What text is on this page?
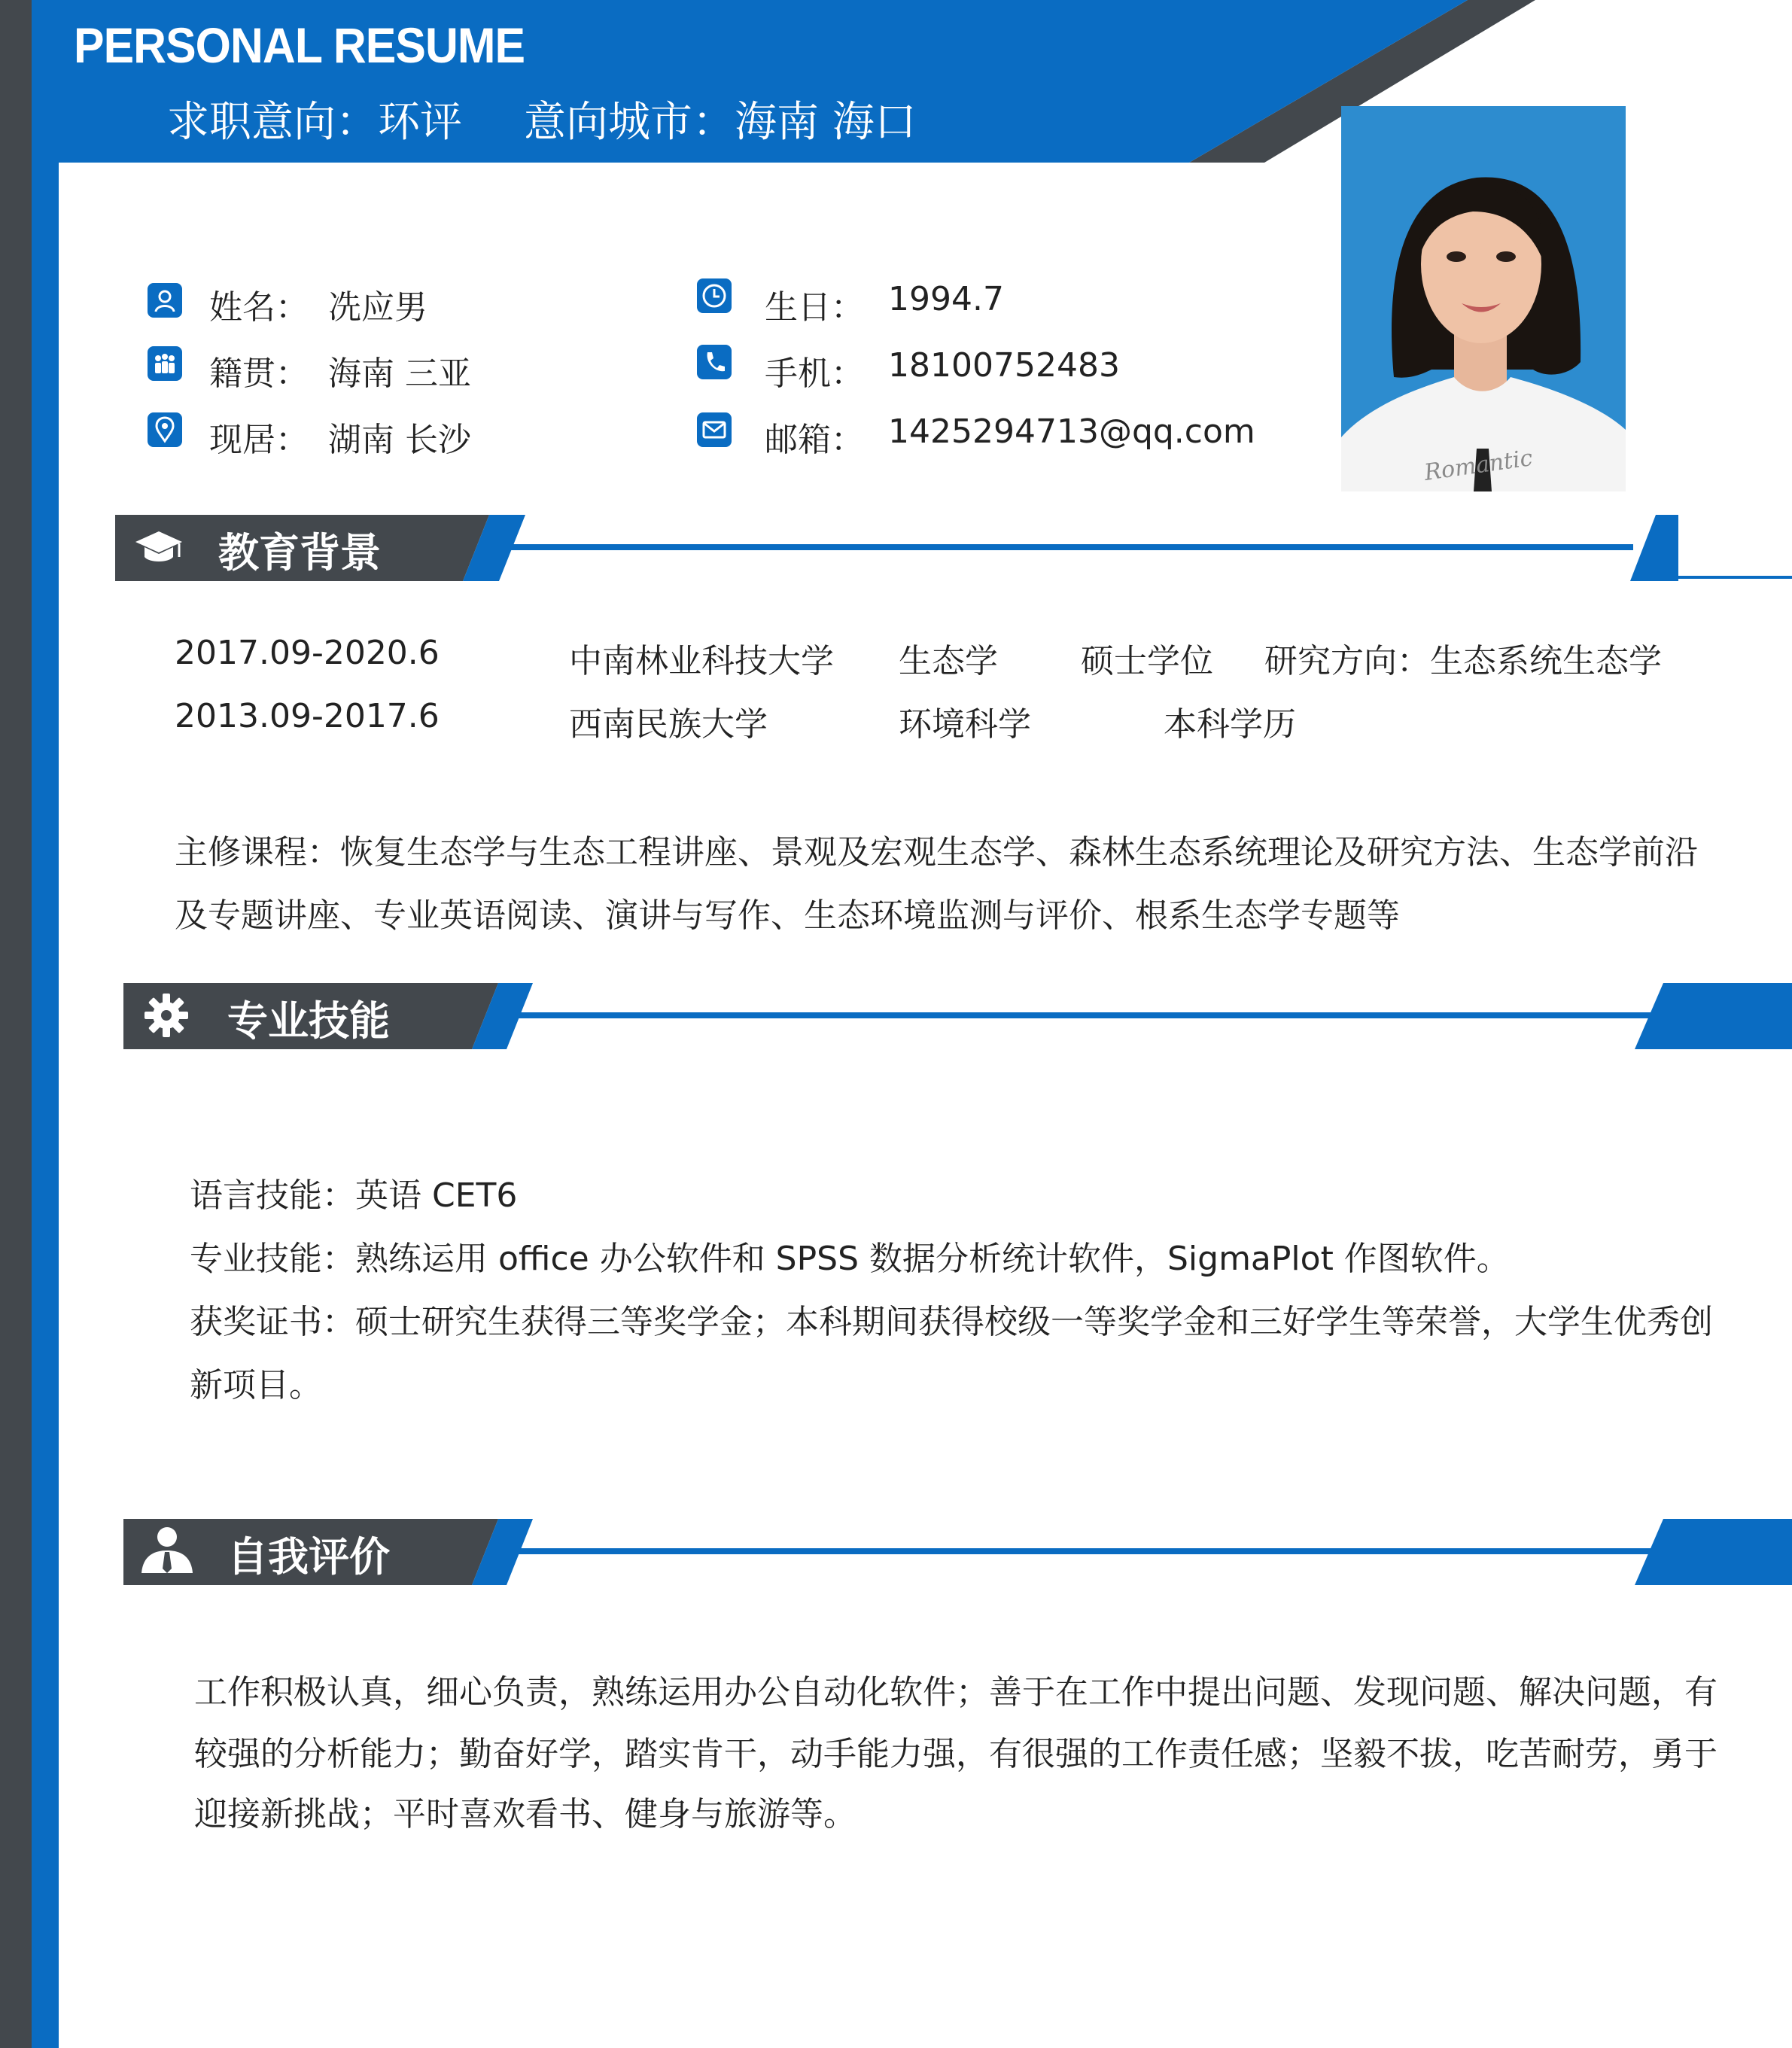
PERSONAL RESUME
求职意向：环评 意向城市：海南 海口
Romantic
姓名： 冼应男	生日： 1994.7
籍贯： 海南 三亚	手机： 18100752483
现居： 湖南 长沙	邮箱： 1425294713@qq.com
教育背景
2017.09-2020.6	中南林业科技大学 生态学	硕士学位 研究方向：生态系统生态学
2013.09-2017.6	西南民族大学	环境科学	本科学历
主修课程：恢复生态学与生态工程讲座、景观及宏观生态学、森林生态系统理论及研究方法、生态学前沿
及专题讲座、专业英语阅读、演讲与写作、生态环境监测与评价、根系生态学专题等
专业技能
语言技能：英语 CET6
专业技能：熟练运用 office 办公软件和 SPSS 数据分析统计软件，SigmaPlot 作图软件。
获奖证书：硕士研究生获得三等奖学金；本科期间获得校级一等奖学金和三好学生等荣誉，大学生优秀创
新项目。
自我评价
工作积极认真，细心负责，熟练运用办公自动化软件；善于在工作中提出问题、发现问题、解决问题，有
较强的分析能力；勤奋好学，踏实肯干，动手能力强，有很强的工作责任感；坚毅不拔，吃苦耐劳，勇于
迎接新挑战；平时喜欢看书、健身与旅游等。
